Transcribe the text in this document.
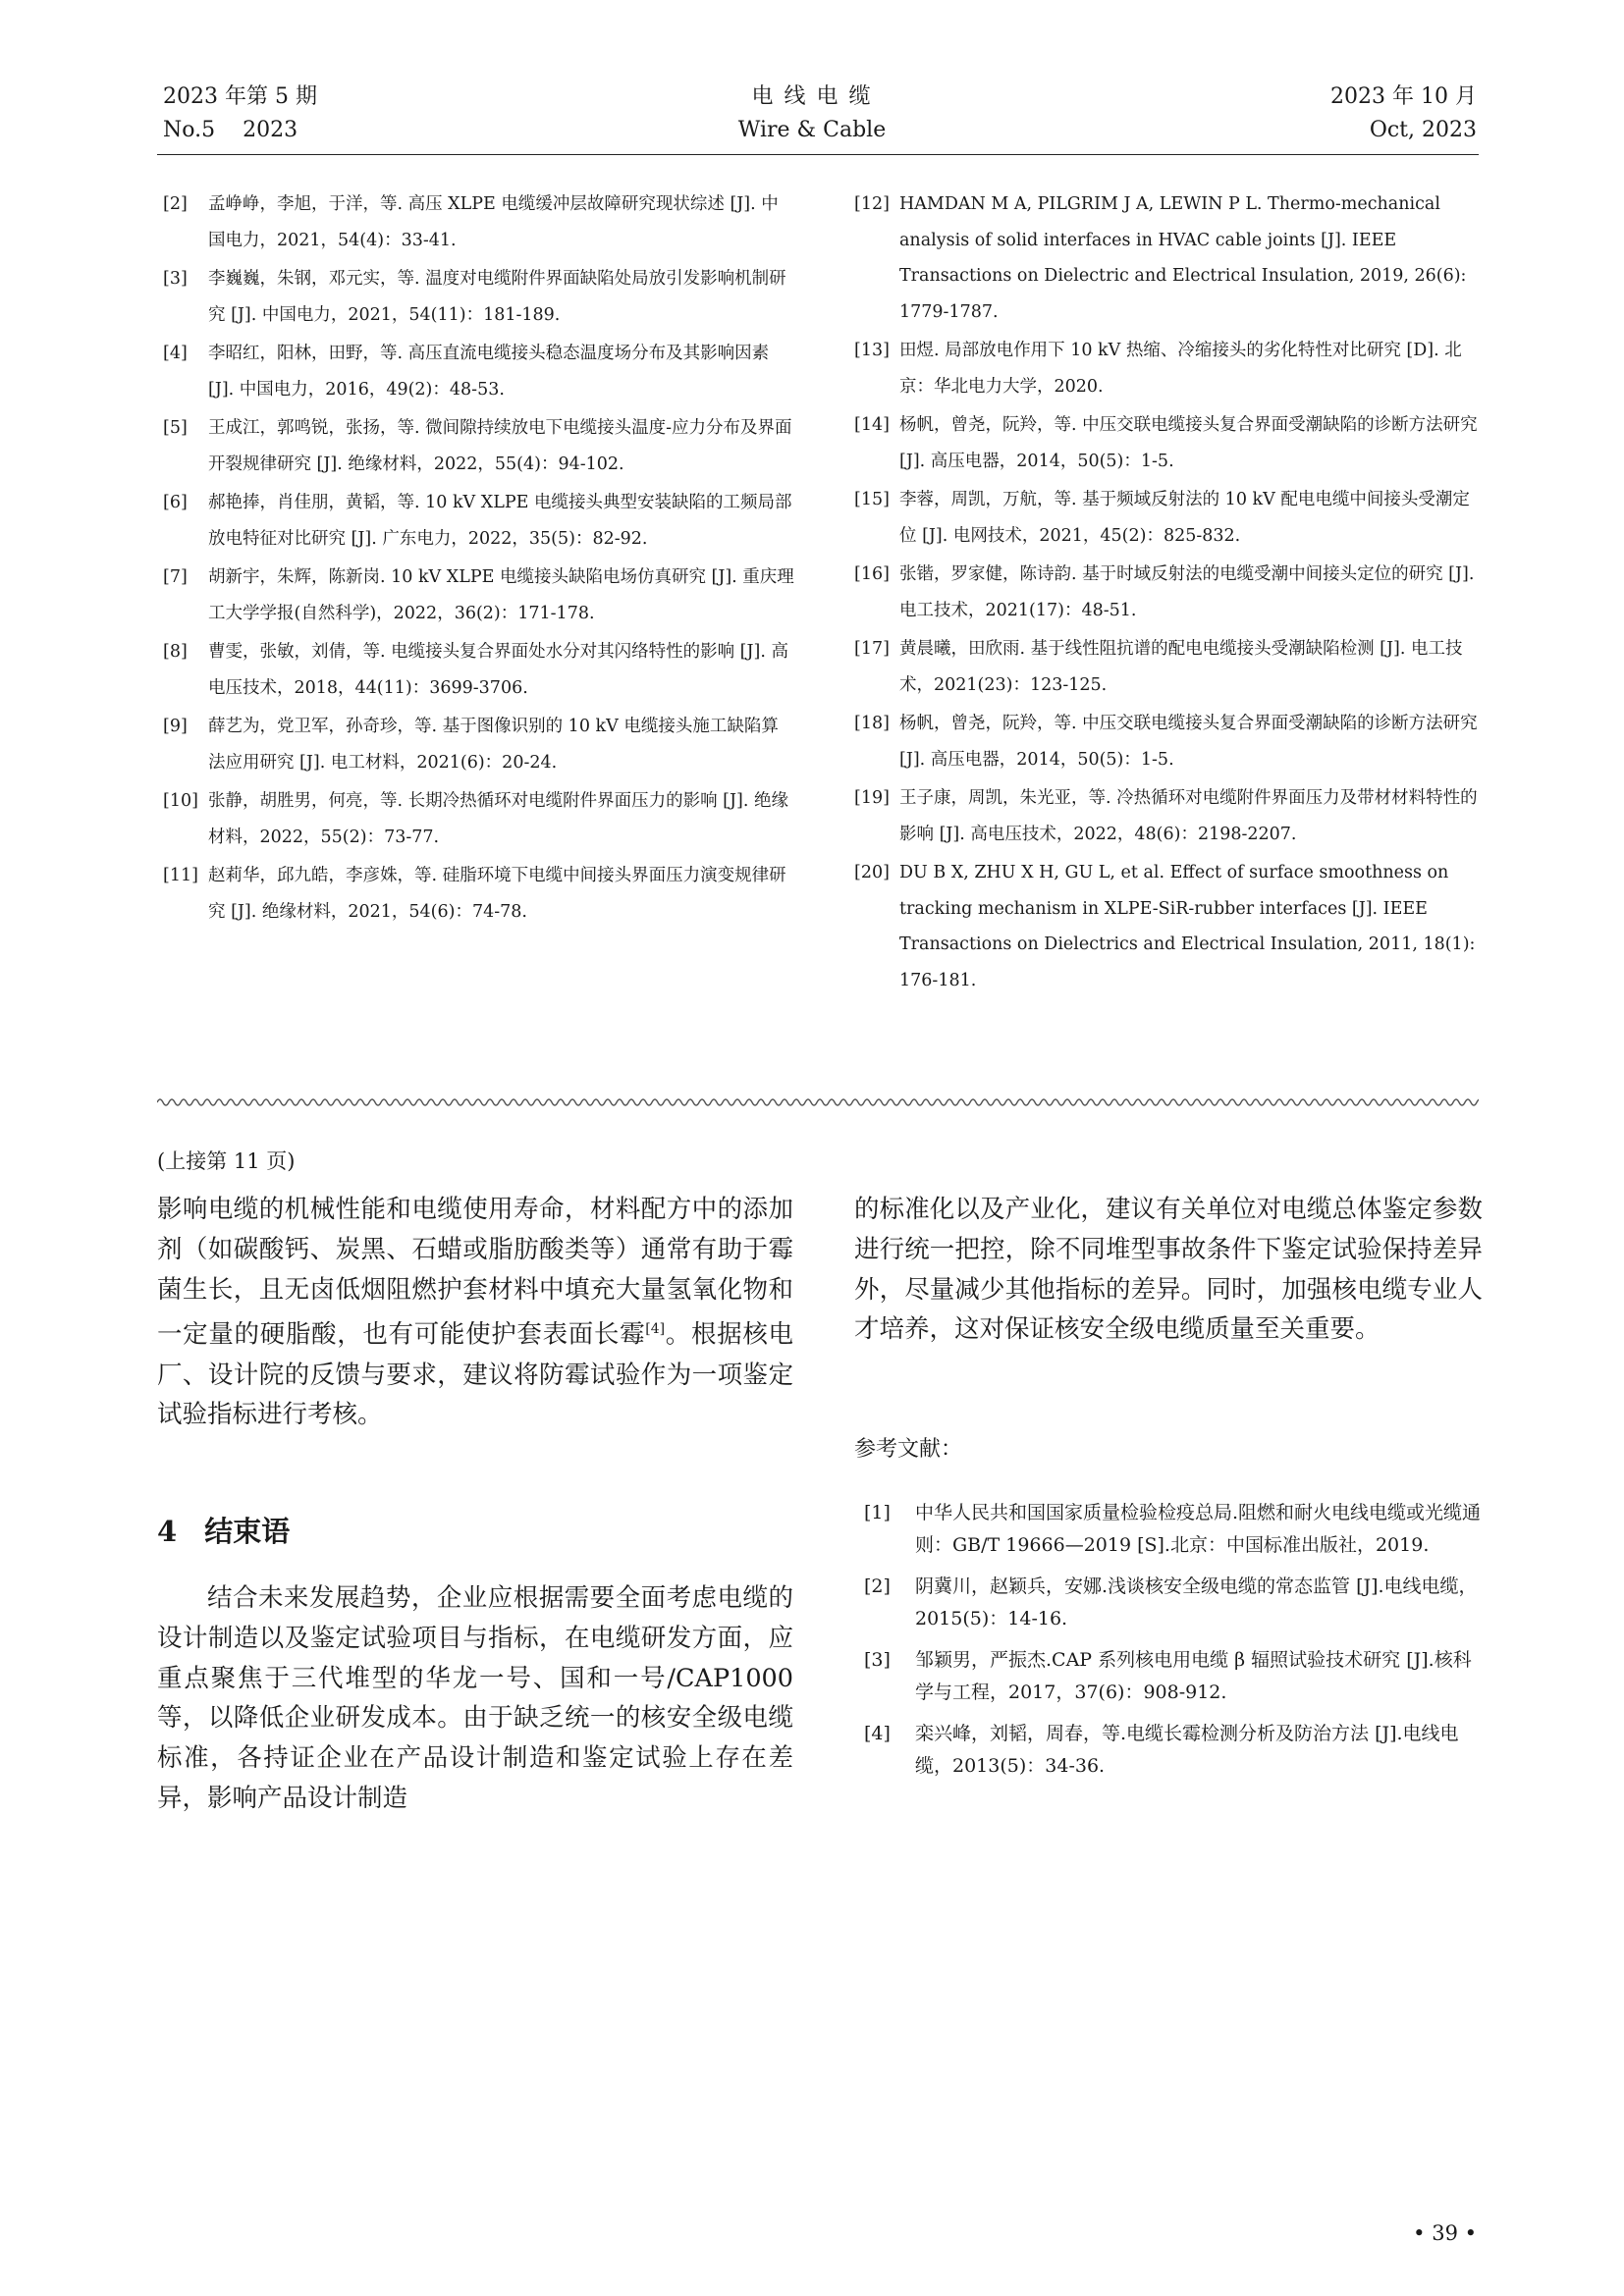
2023 年第 5 期
No.5    2023
电 线 电 缆
Wire & Cable
2023 年 10 月
Oct, 2023
[2] 孟峥峥，李旭，于洋，等. 高压 XLPE 电缆缓冲层故障研究现状综述 [J]. 中国电力，2021，54(4)：33-41.
[3] 李巍巍，朱钢，邓元实，等. 温度对电缆附件界面缺陷处局放引发影响机制研究 [J]. 中国电力，2021，54(11)：181-189.
[4] 李昭红，阳林，田野，等. 高压直流电缆接头稳态温度场分布及其影响因素 [J]. 中国电力，2016，49(2)：48-53.
[5] 王成江，郭鸣锐，张扬，等. 微间隙持续放电下电缆接头温度-应力分布及界面开裂规律研究 [J]. 绝缘材料，2022，55(4)：94-102.
[6] 郝艳捧，肖佳朋，黄韬，等. 10 kV XLPE 电缆接头典型安装缺陷的工频局部放电特征对比研究 [J]. 广东电力，2022，35(5)：82-92.
[7] 胡新宇，朱辉，陈新岗. 10 kV XLPE 电缆接头缺陷电场仿真研究 [J]. 重庆理工大学学报(自然科学)，2022，36(2)：171-178.
[8] 曹雯，张敏，刘倩，等. 电缆接头复合界面处水分对其闪络特性的影响 [J]. 高电压技术，2018，44(11)：3699-3706.
[9] 薛艺为，党卫军，孙奇珍，等. 基于图像识别的 10 kV 电缆接头施工缺陷算法应用研究 [J]. 电工材料，2021(6)：20-24.
[10] 张静，胡胜男，何亮，等. 长期冷热循环对电缆附件界面压力的影响 [J]. 绝缘材料，2022，55(2)：73-77.
[11] 赵莉华，邱九皓，李彦姝，等. 硅脂环境下电缆中间接头界面压力演变规律研究 [J]. 绝缘材料，2021，54(6)：74-78.
[12] HAMDAN M A, PILGRIM J A, LEWIN P L. Thermo-mechanical analysis of solid interfaces in HVAC cable joints [J]. IEEE Transactions on Dielectric and Electrical Insulation, 2019, 26(6): 1779-1787.
[13] 田煜. 局部放电作用下 10 kV 热缩、冷缩接头的劣化特性对比研究 [D]. 北京：华北电力大学，2020.
[14] 杨帆，曾尧，阮羚，等. 中压交联电缆接头复合界面受潮缺陷的诊断方法研究 [J]. 高压电器，2014，50(5)：1-5.
[15] 李蓉，周凯，万航，等. 基于频域反射法的 10 kV 配电电缆中间接头受潮定位 [J]. 电网技术，2021，45(2)：825-832.
[16] 张锴，罗家健，陈诗韵. 基于时域反射法的电缆受潮中间接头定位的研究 [J]. 电工技术，2021(17)：48-51.
[17] 黄晨曦，田欣雨. 基于线性阻抗谱的配电电缆接头受潮缺陷检测 [J]. 电工技术，2021(23)：123-125.
[18] 杨帆，曾尧，阮羚，等. 中压交联电缆接头复合界面受潮缺陷的诊断方法研究 [J]. 高压电器，2014，50(5)：1-5.
[19] 王子康，周凯，朱光亚，等. 冷热循环对电缆附件界面压力及带材材料特性的影响 [J]. 高电压技术，2022，48(6)：2198-2207.
[20] DU B X, ZHU X H, GU L, et al. Effect of surface smoothness on tracking mechanism in XLPE-SiR-rubber interfaces [J]. IEEE Transactions on Dielectrics and Electrical Insulation, 2011, 18(1): 176-181.
(上接第 11 页)

影响电缆的机械性能和电缆使用寿命，材料配方中的添加剂（如碳酸钙、炭黑、石蜡或脂肪酸类等）通常有助于霉菌生长，且无卤低烟阻燃护套材料中填充大量氢氧化物和一定量的硬脂酸，也有可能使护套表面长霉[4]。根据核电厂、设计院的反馈与要求，建议将防霉试验作为一项鉴定试验指标进行考核。

4 结束语

结合未来发展趋势，企业应根据需要全面考虑电缆的设计制造以及鉴定试验项目与指标，在电缆研发方面，应重点聚焦于三代堆型的华龙一号、国和一号/CAP1000 等，以降低企业研发成本。由于缺乏统一的核安全级电缆标准，各持证企业在产品设计制造和鉴定试验上存在差异，影响产品设计制造

的标准化以及产业化，建议有关单位对电缆总体鉴定参数进行统一把控，除不同堆型事故条件下鉴定试验保持差异外，尽量减少其他指标的差异。同时，加强核电缆专业人才培养，这对保证核安全级电缆质量至关重要。

参考文献：
[1] 中华人民共和国国家质量检验检疫总局.阻燃和耐火电线电缆或光缆通则：GB/T 19666—2019 [S].北京：中国标准出版社，2019.
[2] 阴冀川，赵颖兵，安娜.浅谈核安全级电缆的常态监管 [J].电线电缆，2015(5)：14-16.
[3] 邹颖男，严振杰.CAP 系列核电用电缆 β 辐照试验技术研究 [J].核科学与工程，2017，37(6)：908-912.
[4] 栾兴峰，刘韬，周春，等.电缆长霉检测分析及防治方法 [J].电线电缆，2013(5)：34-36.
• 39 •
